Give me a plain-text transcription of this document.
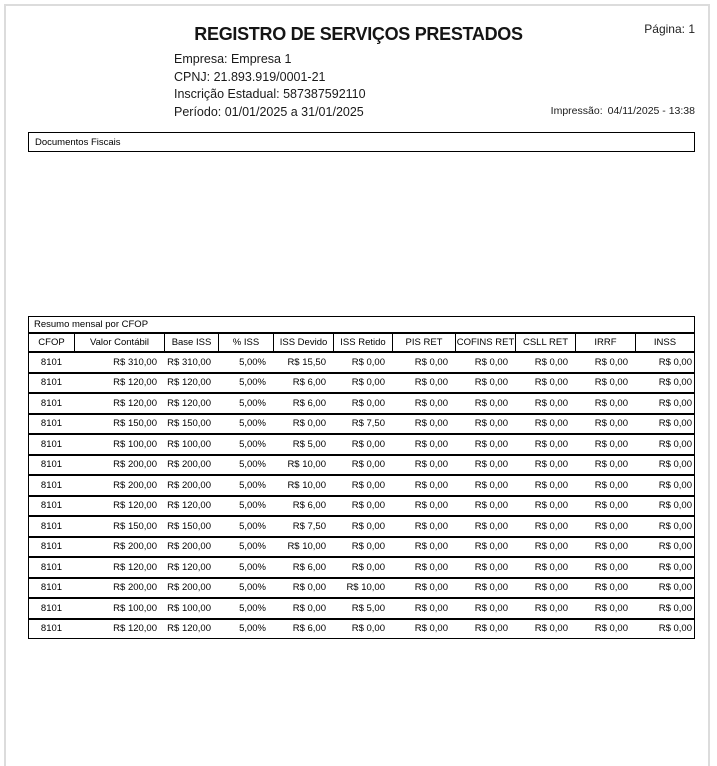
REGISTRO DE SERVIÇOS PRESTADOS	Página: 1
Empresa: Empresa 1
CPNJ: 21.893.919/0001-21
Inscrição Estadual: 587387592110
Período: 01/01/2025 a 31/01/2025	Impressão: 04/11/2025 - 13:38
Documentos Fiscais
Resumo mensal por CFOP
CFOP	Valor Contábil	Base ISS	% ISS	ISS Devido	ISS Retido	PIS RET	COFINS RET	CSLL RET	IRRF	INSS
8101	R$ 310,00	R$ 310,00	5,00%	R$ 15,50	R$ 0,00	R$ 0,00	R$ 0,00	R$ 0,00	R$ 0,00	R$ 0,00
8101	R$ 120,00	R$ 120,00	5,00%	R$ 6,00	R$ 0,00	R$ 0,00	R$ 0,00	R$ 0,00	R$ 0,00	R$ 0,00
8101	R$ 120,00	R$ 120,00	5,00%	R$ 6,00	R$ 0,00	R$ 0,00	R$ 0,00	R$ 0,00	R$ 0,00	R$ 0,00
8101	R$ 150,00	R$ 150,00	5,00%	R$ 0,00	R$ 7,50	R$ 0,00	R$ 0,00	R$ 0,00	R$ 0,00	R$ 0,00
8101	R$ 100,00	R$ 100,00	5,00%	R$ 5,00	R$ 0,00	R$ 0,00	R$ 0,00	R$ 0,00	R$ 0,00	R$ 0,00
8101	R$ 200,00	R$ 200,00	5,00%	R$ 10,00	R$ 0,00	R$ 0,00	R$ 0,00	R$ 0,00	R$ 0,00	R$ 0,00
8101	R$ 200,00	R$ 200,00	5,00%	R$ 10,00	R$ 0,00	R$ 0,00	R$ 0,00	R$ 0,00	R$ 0,00	R$ 0,00
8101	R$ 120,00	R$ 120,00	5,00%	R$ 6,00	R$ 0,00	R$ 0,00	R$ 0,00	R$ 0,00	R$ 0,00	R$ 0,00
8101	R$ 150,00	R$ 150,00	5,00%	R$ 7,50	R$ 0,00	R$ 0,00	R$ 0,00	R$ 0,00	R$ 0,00	R$ 0,00
8101	R$ 200,00	R$ 200,00	5,00%	R$ 10,00	R$ 0,00	R$ 0,00	R$ 0,00	R$ 0,00	R$ 0,00	R$ 0,00
8101	R$ 120,00	R$ 120,00	5,00%	R$ 6,00	R$ 0,00	R$ 0,00	R$ 0,00	R$ 0,00	R$ 0,00	R$ 0,00
8101	R$ 200,00	R$ 200,00	5,00%	R$ 0,00	R$ 10,00	R$ 0,00	R$ 0,00	R$ 0,00	R$ 0,00	R$ 0,00
8101	R$ 100,00	R$ 100,00	5,00%	R$ 0,00	R$ 5,00	R$ 0,00	R$ 0,00	R$ 0,00	R$ 0,00	R$ 0,00
8101	R$ 120,00	R$ 120,00	5,00%	R$ 6,00	R$ 0,00	R$ 0,00	R$ 0,00	R$ 0,00	R$ 0,00	R$ 0,00
